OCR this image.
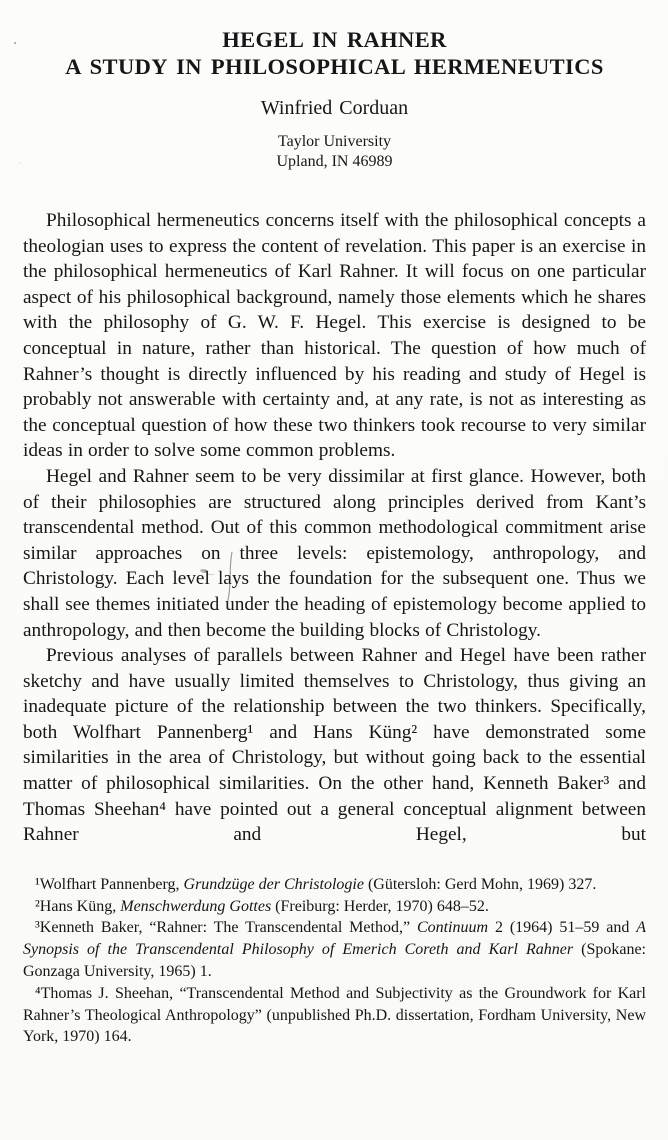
HEGEL IN RAHNER
A STUDY IN PHILOSOPHICAL HERMENEUTICS
Winfried Corduan
Taylor University
Upland, IN 46989

Philosophical hermeneutics concerns itself with the philosophical concepts a theologian uses to express the content of revelation. This paper is an exercise in the philosophical hermeneutics of Karl Rahner. It will focus on one particular aspect of his philosophical background, namely those elements which he shares with the philosophy of G. W. F. Hegel. This exercise is designed to be conceptual in nature, rather than historical. The question of how much of Rahner’s thought is directly influenced by his reading and study of Hegel is probably not answerable with certainty and, at any rate, is not as interesting as the conceptual question of how these two thinkers took recourse to very similar ideas in order to solve some common problems.

Hegel and Rahner seem to be very dissimilar at first glance. However, both of their philosophies are structured along principles derived from Kant’s transcendental method. Out of this common methodological commitment arise similar approaches on three levels: epistemology, anthropology, and Christology. Each level lays the foundation for the subsequent one. Thus we shall see themes initiated under the heading of epistemology become applied to anthropology, and then become the building blocks of Christology.

Previous analyses of parallels between Rahner and Hegel have been rather sketchy and have usually limited themselves to Christology, thus giving an inadequate picture of the relationship between the two thinkers. Specifically, both Wolfhart Pannenberg¹ and Hans Küng² have demonstrated some similarities in the area of Christology, but without going back to the essential matter of philosophical similarities. On the other hand, Kenneth Baker³ and Thomas Sheehan⁴ have pointed out a general conceptual alignment between Rahner and Hegel, but

¹Wolfhart Pannenberg, Grundzüge der Christologie (Gütersloh: Gerd Mohn, 1969) 327.
²Hans Küng, Menschwerdung Gottes (Freiburg: Herder, 1970) 648–52.
³Kenneth Baker, “Rahner: The Transcendental Method,” Continuum 2 (1964) 51–59 and A Synopsis of the Transcendental Philosophy of Emerich Coreth and Karl Rahner (Spokane: Gonzaga University, 1965) 1.
⁴Thomas J. Sheehan, “Transcendental Method and Subjectivity as the Groundwork for Karl Rahner’s Theological Anthropology” (unpublished Ph.D. dissertation, Fordham University, New York, 1970) 164.
